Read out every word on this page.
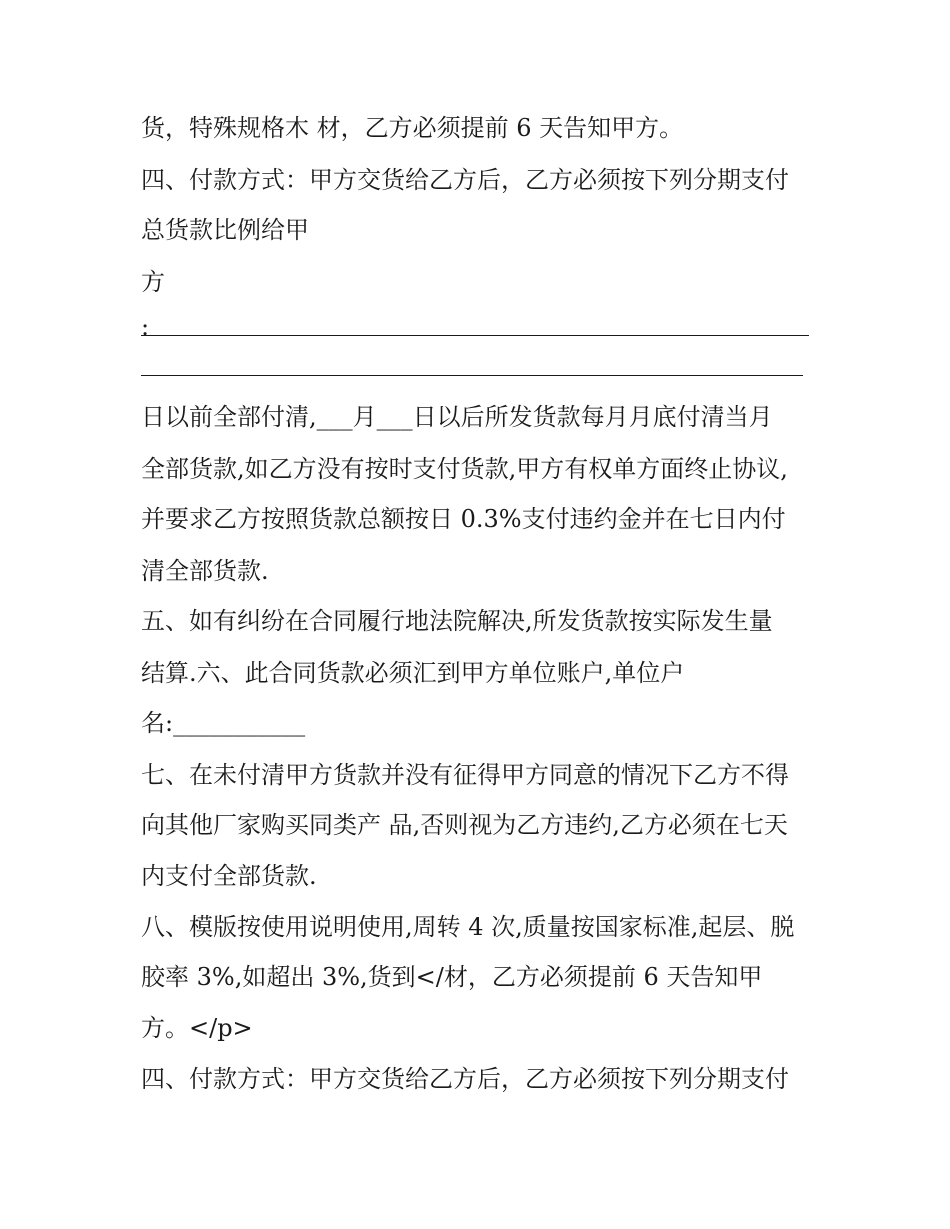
货，特殊规格木 材，乙方必须提前 6 天告知甲方。

四、付款方式：甲方交货给乙方后，乙方必须按下列分期支付

总货款比例给甲

方

:

日以前全部付清,___月___日以后所发货款每月月底付清当月

全部货款,如乙方没有按时支付货款,甲方有权单方面终止协议,

并要求乙方按照货款总额按日 0.3%支付违约金并在七日内付

清全部货款.

五、如有纠纷在合同履行地法院解决,所发货款按实际发生量

结算.六、此合同货款必须汇到甲方单位账户,单位户

名:___________

七、在未付清甲方货款并没有征得甲方同意的情况下乙方不得

向其他厂家购买同类产 品,否则视为乙方违约,乙方必须在七天

内支付全部货款.

八、模版按使用说明使用,周转 4 次,质量按国家标准,起层、脱

胶率 3%,如超出 3%,货到</材，乙方必须提前 6 天告知甲

方。</p>

四、付款方式：甲方交货给乙方后，乙方必须按下列分期支付
